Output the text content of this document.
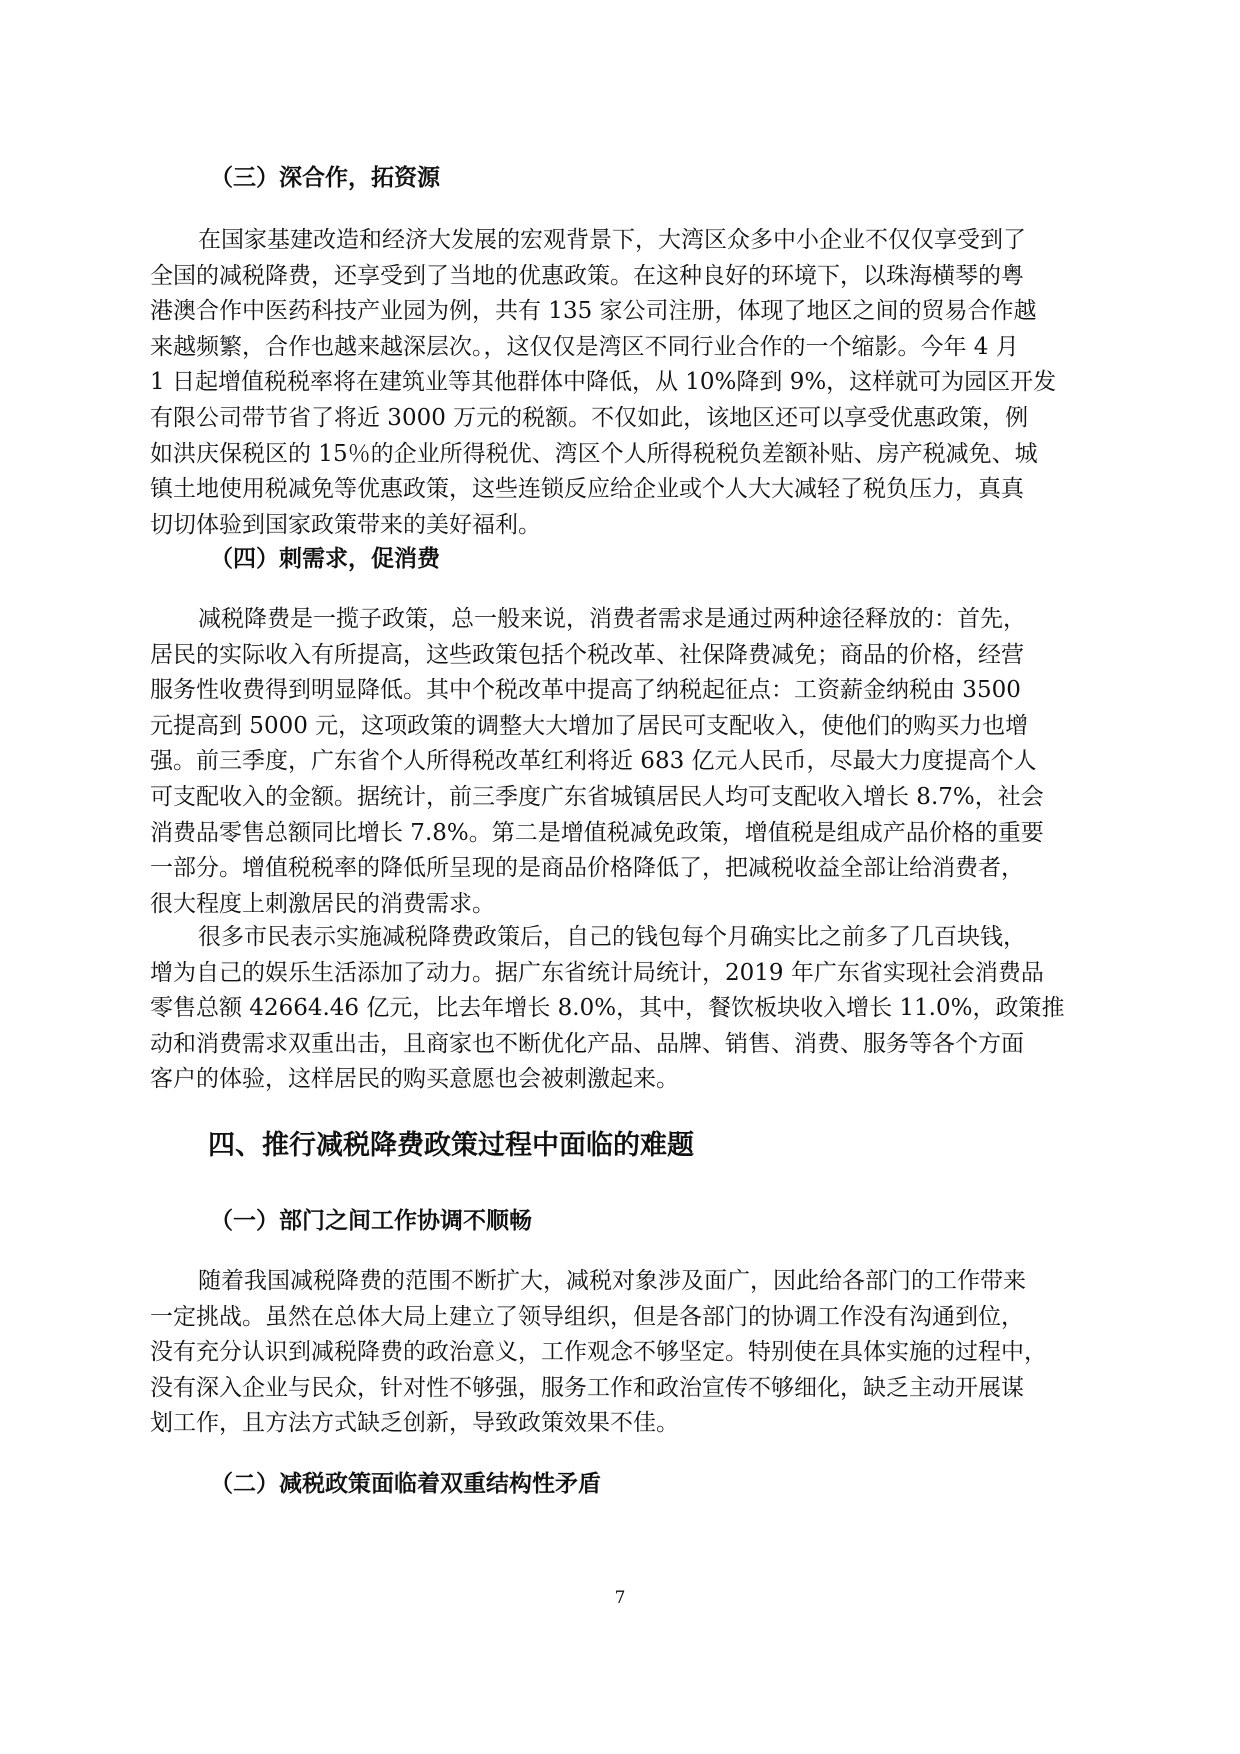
（三）深合作，拓资源
在国家基建改造和经济大发展的宏观背景下，大湾区众多中小企业不仅仅享受到了
全国的减税降费，还享受到了当地的优惠政策。在这种良好的环境下，以珠海横琴的粤
港澳合作中医药科技产业园为例，共有 135 家公司注册，体现了地区之间的贸易合作越
来越频繁，合作也越来越深层次。，这仅仅是湾区不同行业合作的一个缩影。今年 4 月
1 日起增值税税率将在建筑业等其他群体中降低，从 10%降到 9%，这样就可为园区开发
有限公司带节省了将近 3000 万元的税额。不仅如此，该地区还可以享受优惠政策，例
如洪庆保税区的 15％的企业所得税优、湾区个人所得税税负差额补贴、房产税减免、城
镇土地使用税减免等优惠政策，这些连锁反应给企业或个人大大减轻了税负压力，真真
切切体验到国家政策带来的美好福利。
（四）刺需求，促消费
减税降费是一揽子政策，总一般来说，消费者需求是通过两种途径释放的：首先，
居民的实际收入有所提高，这些政策包括个税改革、社保降费减免；商品的价格，经营
服务性收费得到明显降低。其中个税改革中提高了纳税起征点：工资薪金纳税由 3500
元提高到 5000 元，这项政策的调整大大增加了居民可支配收入，使他们的购买力也增
强。前三季度，广东省个人所得税改革红利将近 683 亿元人民币，尽最大力度提高个人
可支配收入的金额。据统计，前三季度广东省城镇居民人均可支配收入增长 8.7%，社会
消费品零售总额同比增长 7.8%。第二是增值税减免政策，增值税是组成产品价格的重要
一部分。增值税税率的降低所呈现的是商品价格降低了，把减税收益全部让给消费者，
很大程度上刺激居民的消费需求。
很多市民表示实施减税降费政策后，自己的钱包每个月确实比之前多了几百块钱，
增为自己的娱乐生活添加了动力。据广东省统计局统计，2019 年广东省实现社会消费品
零售总额 42664.46 亿元，比去年增长 8.0%，其中，餐饮板块收入增长 11.0%，政策推
动和消费需求双重出击，且商家也不断优化产品、品牌、销售、消费、服务等各个方面
客户的体验，这样居民的购买意愿也会被刺激起来。
四、推行减税降费政策过程中面临的难题
（一）部门之间工作协调不顺畅
随着我国减税降费的范围不断扩大，减税对象涉及面广，因此给各部门的工作带来
一定挑战。虽然在总体大局上建立了领导组织，但是各部门的协调工作没有沟通到位，
没有充分认识到减税降费的政治意义，工作观念不够坚定。特别使在具体实施的过程中，
没有深入企业与民众，针对性不够强，服务工作和政治宣传不够细化，缺乏主动开展谋
划工作，且方法方式缺乏创新，导致政策效果不佳。
（二）减税政策面临着双重结构性矛盾
7
